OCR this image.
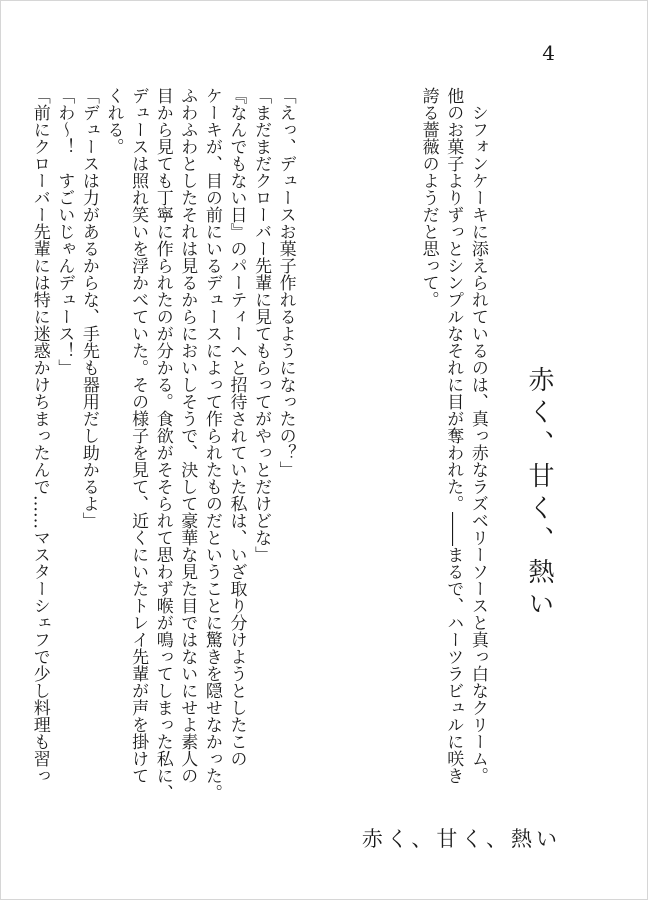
4
赤く、甘く、熱い

シフォンケーキに添えられているのは、真っ赤なラズベリーソースと真っ白なクリーム。
他のお菓子よりずっとシンプルなそれに目が奪われた。――まるで、ハーツラビュルに咲き
誇る薔薇のようだと思って。

「えっ、デュースお菓子作れるようになったの？」
「まだまだクローバー先輩に見てもらってがやっとだけどな」
『なんでもない日』のパーティーへと招待されていた私は、いざ取り分けようとしたこの
ケーキが、目の前にいるデュースによって作られたものだということに驚きを隠せなかった。
ふわふわとしたそれは見るからにおいしそうで、決して豪華な見た目ではないにせよ素人の
目から見ても丁寧に作られたのが分かる。食欲がそそられて思わず喉が鳴ってしまった私に、
デュースは照れ笑いを浮かべていた。その様子を見て、近くにいたトレイ先輩が声を掛けて
くれる。
「デュースは力があるからな、手先も器用だし助かるよ」
「わ〜！　すごいじゃんデュース！」
「前にクローバー先輩には特に迷惑かけちまったんで……マスターシェフで少し料理も習っ

赤く、甘く、熱い
